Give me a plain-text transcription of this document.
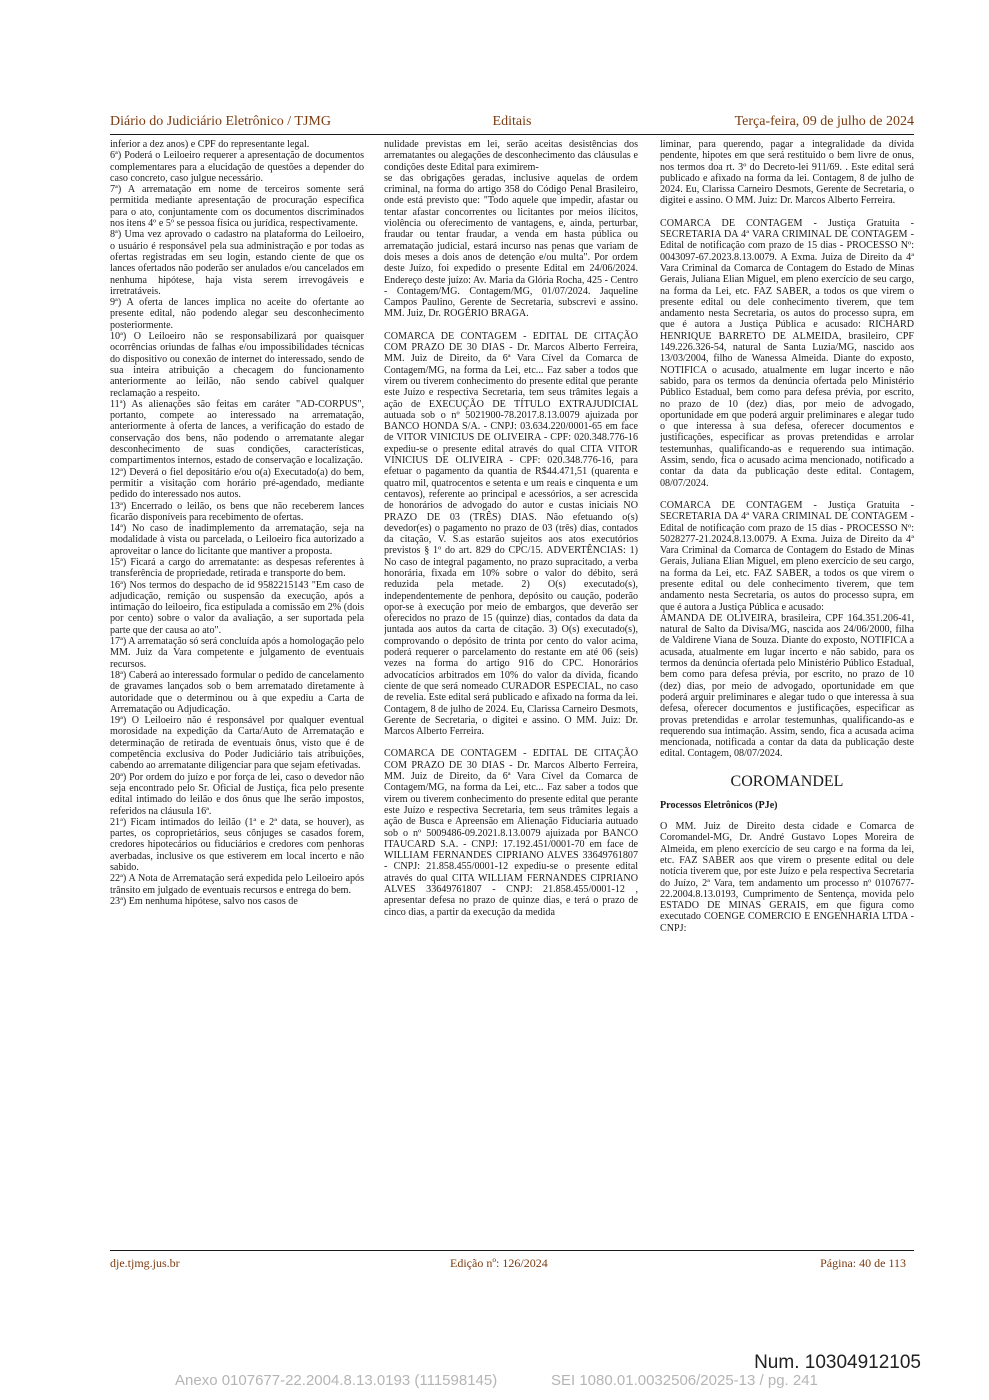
Diário do Judiciário Eletrônico / TJMG	Editais	Terça-feira, 09 de julho de 2024

inferior a dez anos) e CPF do representante legal.

6ª) Poderá o Leiloeiro requerer a apresentação de documentos complementares para a elucidação de questões a depender do caso concreto, caso julgue necessário.

7ª) A arrematação em nome de terceiros somente será permitida mediante apresentação de procuração específica para o ato, conjuntamente com os documentos discriminados nos itens 4º e 5º se pessoa física ou jurídica, respectivamente.

8ª) Uma vez aprovado o cadastro na plataforma do Leiloeiro, o usuário é responsável pela sua administração e por todas as ofertas registradas em seu login, estando ciente de que os lances ofertados não poderão ser anulados e/ou cancelados em nenhuma hipótese, haja vista serem irrevogáveis e irretratáveis.

9ª) A oferta de lances implica no aceite do ofertante ao presente edital, não podendo alegar seu desconhecimento posteriormente.

10ª) O Leiloeiro não se responsabilizará por quaisquer ocorrências oriundas de falhas e/ou impossibilidades técnicas do dispositivo ou conexão de internet do interessado, sendo de sua inteira atribuição a checagem do funcionamento anteriormente ao leilão, não sendo cabível qualquer reclamação a respeito.

11ª) As alienações são feitas em caráter "AD-CORPUS", portanto, compete ao interessado na arrematação, anteriormente à oferta de lances, a verificação do estado de conservação dos bens, não podendo o arrematante alegar desconhecimento de suas condições, características, compartimentos internos, estado de conservação e localização.

12ª) Deverá o fiel depositário e/ou o(a) Executado(a) do bem, permitir a visitação com horário pré-agendado, mediante pedido do interessado nos autos.

13ª) Encerrado o leilão, os bens que não receberem lances ficarão disponíveis para recebimento de ofertas.

14ª) No caso de inadimplemento da arrematação, seja na modalidade à vista ou parcelada, o Leiloeiro fica autorizado a aproveitar o lance do licitante que mantiver a proposta.

15ª) Ficará a cargo do arrematante: as despesas referentes à transferência de propriedade, retirada e transporte do bem.

16ª) Nos termos do despacho de id 9582215143 "Em caso de adjudicação, remição ou suspensão da execução, após a intimação do leiloeiro, fica estipulada a comissão em 2% (dois por cento) sobre o valor da avaliação, a ser suportada pela parte que der causa ao ato".

17ª) A arrematação só será concluída após a homologação pelo MM. Juiz da Vara competente e julgamento de eventuais recursos.

18ª) Caberá ao interessado formular o pedido de cancelamento de gravames lançados sob o bem arrematado diretamente à autoridade que o determinou ou à que expediu a Carta de Arrematação ou Adjudicação.

19ª) O Leiloeiro não é responsável por qualquer eventual morosidade na expedição da Carta/Auto de Arrematação e determinação de retirada de eventuais ônus, visto que é de competência exclusiva do Poder Judiciário tais atribuições, cabendo ao arrematante diligenciar para que sejam efetivadas.

20ª) Por ordem do juízo e por força de lei, caso o devedor não seja encontrado pelo Sr. Oficial de Justiça, fica pelo presente edital intimado do leilão e dos ônus que lhe serão impostos, referidos na cláusula 16ª.

21ª) Ficam intimados do leilão (1ª e 2ª data, se houver), as partes, os coproprietários, seus cônjuges se casados forem, credores hipotecários ou fiduciários e credores com penhoras averbadas, inclusive os que estiverem em local incerto e não sabido.

22ª) A Nota de Arrematação será expedida pelo Leiloeiro após trânsito em julgado de eventuais recursos e entrega do bem.

23ª) Em nenhuma hipótese, salvo nos casos de

nulidade previstas em lei, serão aceitas desistências dos arrematantes ou alegações de desconhecimento das cláusulas e condições deste Edital para eximirem-

se das obrigações geradas, inclusive aquelas de ordem criminal, na forma do artigo 358 do Código Penal Brasileiro, onde está previsto que: "Todo aquele que impedir, afastar ou tentar afastar concorrentes ou licitantes por meios ilícitos, violência ou oferecimento de vantagens, e, ainda, perturbar, fraudar ou tentar fraudar, a venda em hasta pública ou arrematação judicial, estará incurso nas penas que variam de dois meses a dois anos de detenção e/ou multa". Por ordem deste Juízo, foi expedido o presente Edital em 24/06/2024. Endereço deste juízo: Av. Maria da Glória Rocha, 425 - Centro - Contagem/MG. Contagem/MG, 01/07/2024. Jaqueline Campos Paulino, Gerente de Secretaria, subscrevi e assino. MM. Juiz, Dr. ROGÉRIO BRAGA.

COMARCA DE CONTAGEM - EDITAL DE CITAÇÃO COM PRAZO DE 30 DIAS - Dr. Marcos Alberto Ferreira, MM. Juiz de Direito, da 6ª Vara Cível da Comarca de Contagem/MG, na forma da Lei, etc... Faz saber a todos que virem ou tiverem conhecimento do presente edital que perante este Juízo e respectiva Secretaria, tem seus trâmites legais a ação de EXECUÇÃO DE TÍTULO EXTRAJUDICIAL autuada sob o nº 5021900-78.2017.8.13.0079 ajuizada por BANCO HONDA S/A. - CNPJ: 03.634.220/0001-65 em face de VITOR VINICIUS DE OLIVEIRA - CPF: 020.348.776-16 expediu-se o presente edital através do qual CITA VITOR VINICIUS DE OLIVEIRA - CPF: 020.348.776-16, para efetuar o pagamento da quantia de R$44.471,51 (quarenta e quatro mil, quatrocentos e setenta e um reais e cinquenta e um centavos), referente ao principal e acessórios, a ser acrescida de honorários de advogado do autor e custas iniciais NO PRAZO DE 03 (TRÊS) DIAS. Não efetuando o(s) devedor(es) o pagamento no prazo de 03 (três) dias, contados da citação, V. S.as estarão sujeitos aos atos executórios previstos § 1º do art. 829 do CPC/15. ADVERTÊNCIAS: 1) No caso de integral pagamento, no prazo supracitado, a verba honorária, fixada em 10% sobre o valor do débito, será reduzida pela metade. 2) O(s) executado(s), independentemente de penhora, depósito ou caução, poderão opor-se à execução por meio de embargos, que deverão ser oferecidos no prazo de 15 (quinze) dias, contados da data da juntada aos autos da carta de citação. 3) O(s) executado(s), comprovando o depósito de trinta por cento do valor acima, poderá requerer o parcelamento do restante em até 06 (seis) vezes na forma do artigo 916 do CPC. Honorários advocatícios arbitrados em 10% do valor da dívida, ficando ciente de que será nomeado CURADOR ESPECIAL, no caso de revelia. Este edital será publicado e afixado na forma da lei. Contagem, 8 de julho de 2024. Eu, Clarissa Carneiro Desmots, Gerente de Secretaria, o digitei e assino. O MM. Juiz: Dr. Marcos Alberto Ferreira.

COMARCA DE CONTAGEM - EDITAL DE CITAÇÃO COM PRAZO DE 30 DIAS - Dr. Marcos Alberto Ferreira, MM. Juiz de Direito, da 6ª Vara Cível da Comarca de Contagem/MG, na forma da Lei, etc... Faz saber a todos que virem ou tiverem conhecimento do presente edital que perante este Juízo e respectiva Secretaria, tem seus trâmites legais a ação de Busca e Apreensão em Alienação Fiduciaria autuado sob o nº 5009486-09.2021.8.13.0079 ajuizada por BANCO ITAUCARD S.A. - CNPJ: 17.192.451/0001-70 em face de WILLIAM FERNANDES CIPRIANO ALVES 33649761807 - CNPJ: 21.858.455/0001-12 expediu-se o presente edital através do qual CITA WILLIAM FERNANDES CIPRIANO ALVES 33649761807 - CNPJ: 21.858.455/0001-12 , apresentar defesa no prazo de quinze dias, e terá o prazo de cinco dias, a partir da execução da medida

liminar, para querendo, pagar a integralidade da dívida pendente, hipotes em que será restituido o bem livre de onus, nos termos doa rt. 3º do Decreto-lei 911/69. . Este edital será publicado e afixado na forma da lei. Contagem, 8 de julho de 2024. Eu, Clarissa Carneiro Desmots, Gerente de Secretaria, o digitei e assino. O MM. Juiz: Dr. Marcos Alberto Ferreira.

COMARCA DE CONTAGEM - Justiça Gratuita - SECRETARIA DA 4ª VARA CRIMINAL DE CONTAGEM - Edital de notificação com prazo de 15 dias - PROCESSO Nº: 0043097-67.2023.8.13.0079. A Exma. Juiza de Direito da 4ª Vara Criminal da Comarca de Contagem do Estado de Minas Gerais, Juliana Elian Miguel, em pleno exercício de seu cargo, na forma da Lei, etc. FAZ SABER, a todos os que virem o presente edital ou dele conhecimento tiverem, que tem andamento nesta Secretaria, os autos do processo supra, em que é autora a Justiça Pública e acusado: RICHARD HENRIQUE BARRETO DE ALMEIDA, brasileiro, CPF 149.226.326-54, natural de Santa Luzia/MG, nascido aos 13/03/2004, filho de Wanessa Almeida. Diante do exposto, NOTIFICA o acusado, atualmente em lugar incerto e não sabido, para os termos da denúncia ofertada pelo Ministério Público Estadual, bem como para defesa prévia, por escrito, no prazo de 10 (dez) dias, por meio de advogado, oportunidade em que poderá arguir preliminares e alegar tudo o que interessa à sua defesa, oferecer documentos e justificações, especificar as provas pretendidas e arrolar testemunhas, qualificando-as e requerendo sua intimação. Assim, sendo, fica o acusado acima mencionado, notificado a contar da data da publicação deste edital. Contagem, 08/07/2024.

COMARCA DE CONTAGEM - Justiça Gratuita - SECRETARIA DA 4ª VARA CRIMINAL DE CONTAGEM - Edital de notificação com prazo de 15 dias - PROCESSO Nº: 5028277-21.2024.8.13.0079. A Exma. Juiza de Direito da 4ª Vara Criminal da Comarca de Contagem do Estado de Minas Gerais, Juliana Elian Miguel, em pleno exercício de seu cargo, na forma da Lei, etc. FAZ SABER, a todos os que virem o presente edital ou dele conhecimento tiverem, que tem andamento nesta Secretaria, os autos do processo supra, em que é autora a Justiça Pública e acusado:

AMANDA DE OLIVEIRA, brasileira, CPF 164.351.206-41, natural de Salto da Divisa/MG, nascida aos 24/06/2000, filha de Valdirene Viana de Souza. Diante do exposto, NOTIFICA a acusada, atualmente em lugar incerto e não sabido, para os termos da denúncia ofertada pelo Ministério Público Estadual, bem como para defesa prévia, por escrito, no prazo de 10 (dez) dias, por meio de advogado, oportunidade em que poderá arguir preliminares e alegar tudo o que interessa à sua defesa, oferecer documentos e justificações, especificar as provas pretendidas e arrolar testemunhas, qualificando-as e requerendo sua intimação. Assim, sendo, fica a acusada acima mencionada, notificada a contar da data da publicação deste edital. Contagem, 08/07/2024.

COROMANDEL
Processos Eletrônicos (PJe)

O MM. Juiz de Direito desta cidade e Comarca de Coromandel-MG, Dr. André Gustavo Lopes Moreira de Almeida, em pleno exercício de seu cargo e na forma da lei, etc. FAZ SABER aos que virem o presente edital ou dele notícia tiverem que, por este Juízo e pela respectiva Secretaria do Juízo, 2ª Vara, tem andamento um processo nº 0107677-22.2004.8.13.0193, Cumprimento de Sentença, movida pelo ESTADO DE MINAS GERAIS, em que figura como executado COENGE COMERCIO E ENGENHARIA LTDA - CNPJ:

dje.tjmg.jus.br	Edição nº: 126/2024	Página: 40 de 113
Num. 10304912105
Anexo 0107677-22.2004.8.13.0193 (111598145)	SEI 1080.01.0032506/2025-13 / pg. 241
